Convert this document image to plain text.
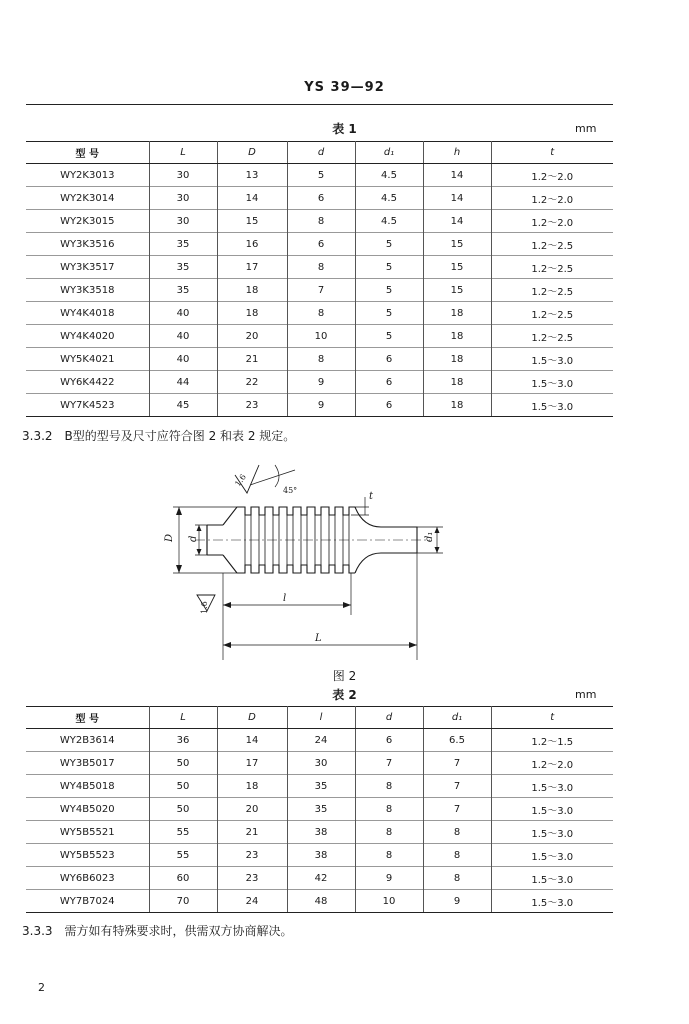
YS 39—92
表 1	mm
型 号	L	D	d	d₁	h	t
WY2K3013	30	13	5	4.5	14	1.2～2.0
WY2K3014	30	14	6	4.5	14	1.2～2.0
WY2K3015	30	15	8	4.5	14	1.2～2.0
WY3K3516	35	16	6	5	15	1.2～2.5
WY3K3517	35	17	8	5	15	1.2～2.5
WY3K3518	35	18	7	5	15	1.2～2.5
WY4K4018	40	18	8	5	18	1.2～2.5
WY4K4020	40	20	10	5	18	1.2～2.5
WY5K4021	40	21	8	6	18	1.5～3.0
WY6K4422	44	22	9	6	18	1.5～3.0
WY7K4523	45	23	9	6	18	1.5～3.0
3.3.2　B型的型号及尺寸应符合图 2 和表 2 规定。
1.6
45°
t
D d	d₁
1.6
l
L
图 2
表 2	mm
型 号	L	D	l	d	d₁	t
WY2B3614	36	14	24	6	6.5	1.2～1.5
WY3B5017	50	17	30	7	7	1.2～2.0
WY4B5018	50	18	35	8	7	1.5～3.0
WY4B5020	50	20	35	8	7	1.5～3.0
WY5B5521	55	21	38	8	8	1.5～3.0
WY5B5523	55	23	38	8	8	1.5～3.0
WY6B6023	60	23	42	9	8	1.5～3.0
WY7B7024	70	24	48	10	9	1.5～3.0
3.3.3　需方如有特殊要求时，供需双方协商解决。
2
